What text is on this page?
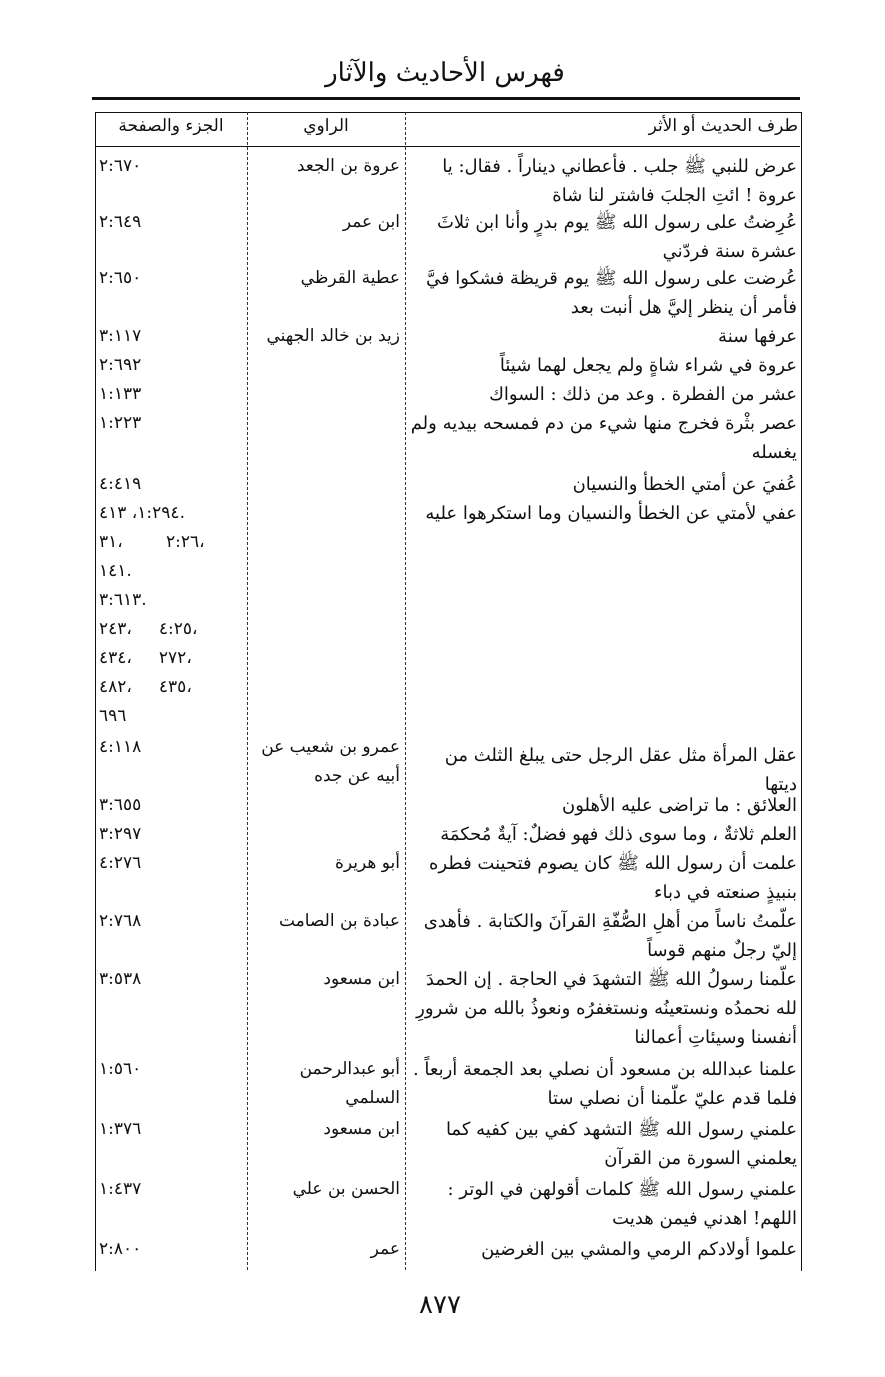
فهرس الأحاديث والآثار
طرف الحديث أو الأثر
الراوي
الجزء والصفحة
عرض للنبي ﷺ جلب . فأعطاني ديناراً . فقال: يا عروة ! ائتِ الجلبَ فاشتر لنا شاة
عروة بن الجعد
٢:٦٧٠
عُرِضتُ على رسول الله ﷺ يوم بدرٍ وأنا ابن ثلاثَ عشرة سنة فردّني
ابن عمر
٢:٦٤٩
عُرضت على رسول الله ﷺ يوم قريظة فشكوا فيَّ فأمر أن ينظر إليَّ هل أنبت بعد
عطية القرظي
٢:٦٥٠
عرفها سنة
زيد بن خالد الجهني
٣:١١٧
عروة في شراء شاةٍ ولم يجعل لهما شيئاً
٢:٦٩٢
عشر من الفطرة . وعد من ذلك : السواك
١:١٣٣
عصر بثْرة فخرج منها شيء من دم فمسحه بيديه ولم يغسله
١:٢٢٣
عُفيَ عن أمتي الخطأ والنسيان
٤:٤١٩
عفي لأمتي عن الخطأ والنسيان وما استكرهوا عليه
.١:٢٩٤، ٤١٣
،٢:٢٦        ،٣١
.١٤١
.٣:٦١٣
،٤:٢٥     ،٢٤٣
،٢٧٢     ،٤٣٤
،٤٣٥     ،٤٨٢
٦٩٦
عقل المرأة مثل عقل الرجل حتى يبلغ الثلث من ديتها
عمرو بن شعيب عن أبيه عن جده
٤:١١٨
العلائق : ما تراضى عليه الأهلون
٣:٦٥٥
العلم ثلاثةٌ ، وما سوى ذلك فهو فضلٌ: آيةٌ مُحكمَة
٣:٢٩٧
علمت أن رسول الله ﷺ كان يصوم فتحينت فطره بنبيذٍ صنعته في دباء
أبو هريرة
٤:٢٧٦
علّمتُ ناساً من أهلِ الصُّفّةِ القرآنَ والكتابة . فأهدى إليّ رجلٌ منهم قوساً
عبادة بن الصامت
٢:٧٦٨
علّمنا رسولُ الله ﷺ التشهدَ في الحاجة . إن الحمدَ لله نحمدُه ونستعينُه ونستغفرُه ونعوذُ بالله من شرورِ أنفسنا وسيئاتِ أعمالنا
ابن مسعود
٣:٥٣٨
علمنا عبدالله بن مسعود أن نصلي بعد الجمعة أربعاً . فلما قدم عليّ علّمنا أن نصلي ستا
أبو عبدالرحمن السلمي
١:٥٦٠
علمني رسول الله ﷺ التشهد كفي بين كفيه كما يعلمني السورة من القرآن
ابن مسعود
١:٣٧٦
علمني رسول الله ﷺ كلمات أقولهن في الوتر : اللهم! اهدني فيمن هديت
الحسن بن علي
١:٤٣٧
علموا أولادكم الرمي والمشي بين الغرضين
عمر
٢:٨٠٠
٨٧٧
